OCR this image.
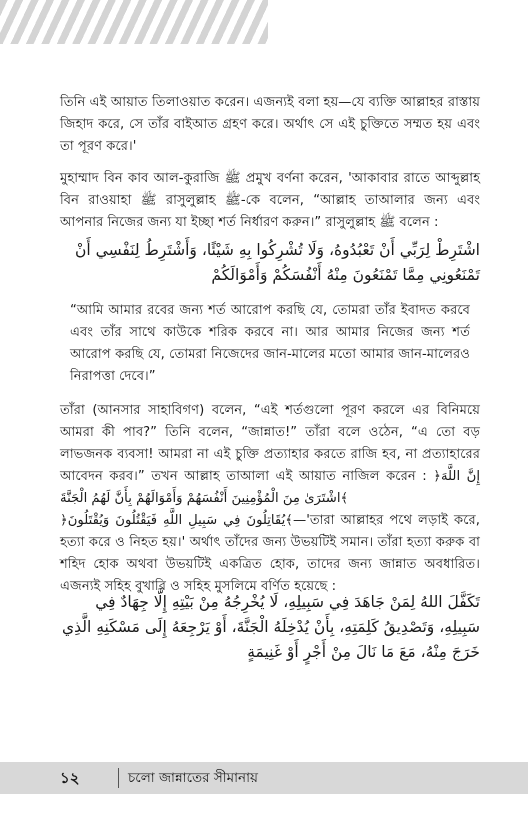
তিনি এই আয়াত তিলাওয়াত করেন। এজন্যই বলা হয়—যে ব্যক্তি আল্লাহর রাস্তায় জিহাদ করে, সে তাঁর বাইআত গ্রহণ করে। অর্থাৎ সে এই চুক্তিতে সম্মত হয় এবং তা পূরণ করে।'

মুহাম্মাদ বিন কাব আল-কুরাজি ﷺ প্রমুখ বর্ণনা করেন, 'আকাবার রাতে আব্দুল্লাহ বিন রাওয়াহা ﷺ রাসুলুল্লাহ ﷺ-কে বলেন, “আল্লাহ তাআলার জন্য এবং আপনার নিজের জন্য যা ইচ্ছা শর্ত নির্ধারণ করুন।” রাসুলুল্লাহ ﷺ বলেন :

اشْتَرِطْ لِرَبِّي أَنْ تَعْبُدُوهُ، وَلَا تُشْرِكُوا بِهِ شَيْئًا، وَأَشْتَرِطُ لِنَفْسِي أَنْ تَمْنَعُونِي مِمَّا تَمْنَعُونَ مِنْهُ أَنْفُسَكُمْ وَأَمْوَالَكُمْ

“আমি আমার রবের জন্য শর্ত আরোপ করছি যে, তোমরা তাঁর ইবাদত করবে এবং তাঁর সাথে কাউকে শরিক করবে না। আর আমার নিজের জন্য শর্ত আরোপ করছি যে, তোমরা নিজেদের জান-মালের মতো আমার জান-মালেরও নিরাপত্তা দেবে।”

তাঁরা (আনসার সাহাবিগণ) বলেন, “এই শর্তগুলো পূরণ করলে এর বিনিময়ে আমরা কী পাব?” তিনি বলেন, “জান্নাত!” তাঁরা বলে ওঠেন, “এ তো বড় লাভজনক ব্যবসা! আমরা না এই চুক্তি প্রত্যাহার করতে রাজি হব, না প্রত্যাহারের আবেদন করব।” তখন আল্লাহ তাআলা এই আয়াত নাজিল করেন : ﴿إِنَّ اللَّهَ اشْتَرَىٰ مِنَ الْمُؤْمِنِينَ أَنْفُسَهُمْ وَأَمْوَالَهُمْ بِأَنَّ لَهُمُ الْجَنَّةَ﴾

﴿يُقَاتِلُونَ فِي سَبِيلِ اللَّهِ فَيَقْتُلُونَ وَيُقْتَلُونَ﴾—'তারা আল্লাহর পথে লড়াই করে, হত্যা করে ও নিহত হয়।' অর্থাৎ তাঁদের জন্য উভয়টিই সমান। তাঁরা হত্যা করুক বা শহিদ হোক অথবা উভয়টিই একত্রিত হোক, তাদের জন্য জান্নাত অবধারিত। এজন্যই সহিহ বুখারি ও সহিহ মুসলিমে বর্ণিত হয়েছে :

تَكَفَّلَ اللهُ لِمَنْ جَاهَدَ فِي سَبِيلِهِ، لَا يُخْرِجُهُ مِنْ بَيْتِهِ إِلَّا جِهَادٌ فِي سَبِيلِهِ، وَتَصْدِيقُ كَلِمَتِهِ، بِأَنْ يُدْخِلَهُ الْجَنَّةَ، أَوْ يَرْجِعَهُ إِلَى مَسْكَنِهِ الَّذِي خَرَجَ مِنْهُ، مَعَ مَا نَالَ مِنْ أَجْرٍ أَوْ غَنِيمَةٍ

১২	চলো জান্নাতের সীমানায়
